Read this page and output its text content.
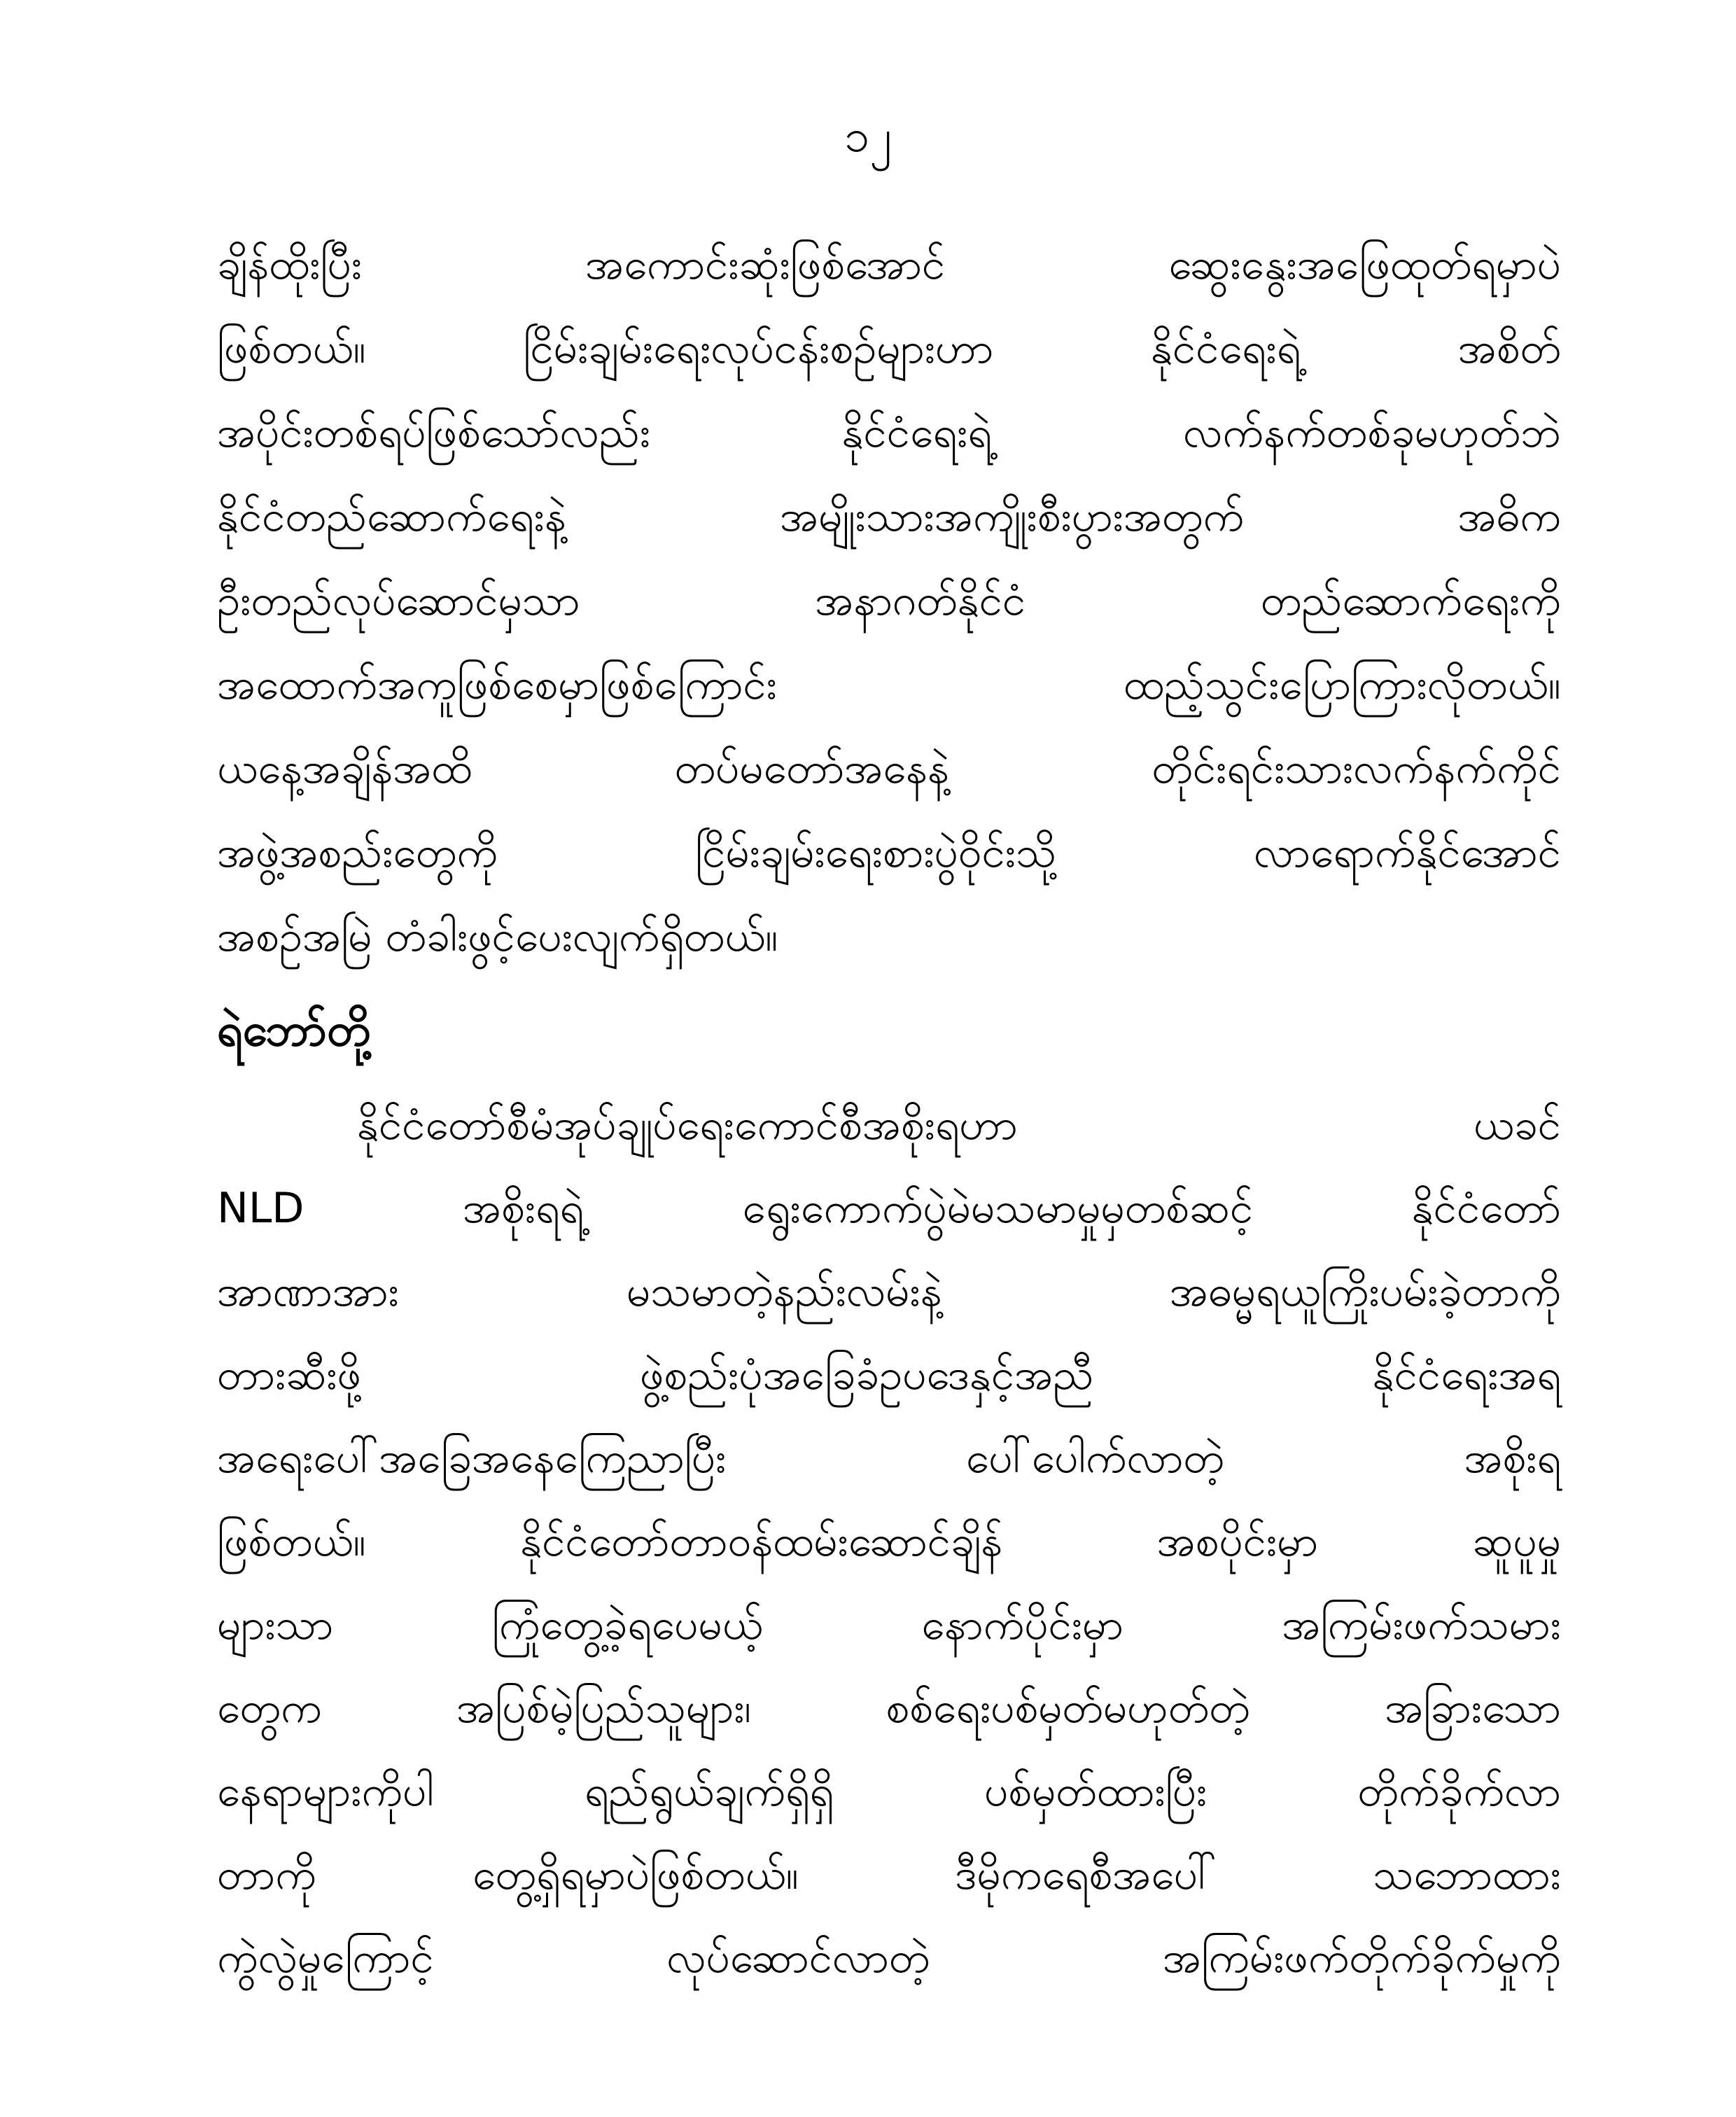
၁၂
ချိန်ထိုးပြီး အကောင်းဆုံးဖြစ်အောင် ဆွေးနွေးအဖြေထုတ်ရမှာပဲ
ဖြစ်တယ်။ ငြိမ်းချမ်းရေးလုပ်ငန်းစဉ်များဟာ နိုင်ငံရေးရဲ့ အစိတ်
အပိုင်းတစ်ရပ်ဖြစ်သော်လည်း နိုင်ငံရေးရဲ့ လက်နက်တစ်ခုမဟုတ်ဘဲ
နိုင်ငံတည်ဆောက်ရေးနဲ့ အမျိုးသားအကျိုးစီးပွားအတွက် အဓိက
ဦးတည်လုပ်ဆောင်မှသာ အနာဂတ်နိုင်ငံ တည်ဆောက်ရေးကို
အထောက်အကူဖြစ်စေမှာဖြစ်ကြောင်း ထည့်သွင်းပြောကြားလိုတယ်။
ယနေ့အချိန်အထိ တပ်မတော်အနေနဲ့ တိုင်းရင်းသားလက်နက်ကိုင်
အဖွဲ့အစည်းတွေကို ငြိမ်းချမ်းရေးစားပွဲဝိုင်းသို့ လာရောက်နိုင်အောင်
အစဉ်အမြဲ တံခါးဖွင့်ပေးလျက်ရှိတယ်။
ရဲဘော်တို့
နိုင်ငံတော်စီမံအုပ်ချုပ်ရေးကောင်စီအစိုးရဟာ ယခင်
NLD အစိုးရရဲ့ ရွေးကောက်ပွဲမဲမသမာမှုမှတစ်ဆင့် နိုင်ငံတော်
အာဏာအား မသမာတဲ့နည်းလမ်းနဲ့ အဓမ္မရယူကြိုးပမ်းခဲ့တာကို
တားဆီးဖို့ ဖွဲ့စည်းပုံအခြေခံဥပဒေနှင့်အညီ နိုင်ငံရေးအရ
အရေးပေါ်အခြေအနေကြေညာပြီး ပေါ်ပေါက်လာတဲ့ အစိုးရ
ဖြစ်တယ်။ နိုင်ငံတော်တာဝန်ထမ်းဆောင်ချိန် အစပိုင်းမှာ ဆူပူမှု
များသာ ကြုံတွေ့ခဲ့ရပေမယ့် နောက်ပိုင်းမှာ အကြမ်းဖက်သမား
တွေက အပြစ်မဲ့ပြည်သူများ၊ စစ်ရေးပစ်မှတ်မဟုတ်တဲ့ အခြားသော
နေရာများကိုပါ ရည်ရွယ်ချက်ရှိရှိ ပစ်မှတ်ထားပြီး တိုက်ခိုက်လာ
တာကို တွေ့ရှိရမှာပဲဖြစ်တယ်။ ဒီမိုကရေစီအပေါ် သဘောထား
ကွဲလွဲမှုကြောင့် လုပ်ဆောင်လာတဲ့ အကြမ်းဖက်တိုက်ခိုက်မှုကို
